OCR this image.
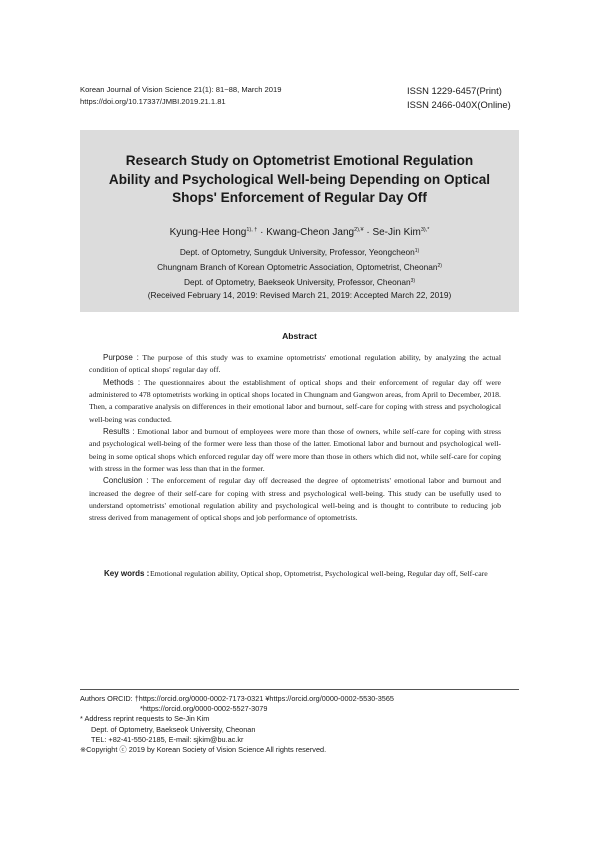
Korean Journal of Vision Science 21(1): 81~88, March 2019
https://doi.org/10.17337/JMBI.2019.21.1.81
ISSN 1229-6457(Print)
ISSN 2466-040X(Online)
Research Study on Optometrist Emotional Regulation
Ability and Psychological Well-being Depending on Optical
Shops' Enforcement of Regular Day Off
Kyung-Hee Hong$^{1), \dagger}$ · Kwang-Cheon Jang$^{2),¥}$ · Se-Jin Kim$^{3),*}$
Dept. of Optometry, Sungduk University, Professor, Yeongcheon$^{1)}$
Chungnam Branch of Korean Optometric Association, Optometrist, Cheonan$^{2)}$
Dept. of Optometry, Baekseok University, Professor, Cheonan$^{3)}$
(Received February 14, 2019: Revised March 21, 2019: Accepted March 22, 2019)
Abstract

Purpose : The purpose of this study was to examine optometrists' emotional regulation ability, by analyzing the actual condition of optical shops' regular day off.

Methods : The questionnaires about the establishment of optical shops and their enforcement of regular day off were administered to 478 optometrists working in optical shops located in Chungnam and Gangwon areas, from April to December, 2018. Then, a comparative analysis on differences in their emotional labor and burnout, self-care for coping with stress and psychological well-being was conducted.

Results : Emotional labor and burnout of employees were more than those of owners, while self-care for coping with stress and psychological well-being of the former were less than those of the latter. Emotional labor and burnout and psychological well-being in some optical shops which enforced regular day off were more than those in others which did not, while self-care for coping with stress in the former was less than that in the former.

Conclusion : The enforcement of regular day off decreased the degree of optometrists' emotional labor and burnout and increased the degree of their self-care for coping with stress and psychological well-being. This study can be usefully used to understand optometrists' emotional regulation ability and psychological well-being and is thought to contribute to reducing job stress derived from management of optical shops and job performance of optometrists.

Key words :Emotional regulation ability, Optical shop, Optometrist, Psychological well-being, Regular day off, Self-care
Authors ORCID: †https://orcid.org/0000-0002-7173-0321 ¥https://orcid.org/0000-0002-5530-3565
*https://orcid.org/0000-0002-5527-3079
* Address reprint requests to Se-Jin Kim
Dept. of Optometry, Baekseok University, Cheonan
TEL: +82-41-550-2185, E-mail: sjkim@bu.ac.kr
※Copyright ⓒ 2019 by Korean Society of Vision Science All rights reserved.
